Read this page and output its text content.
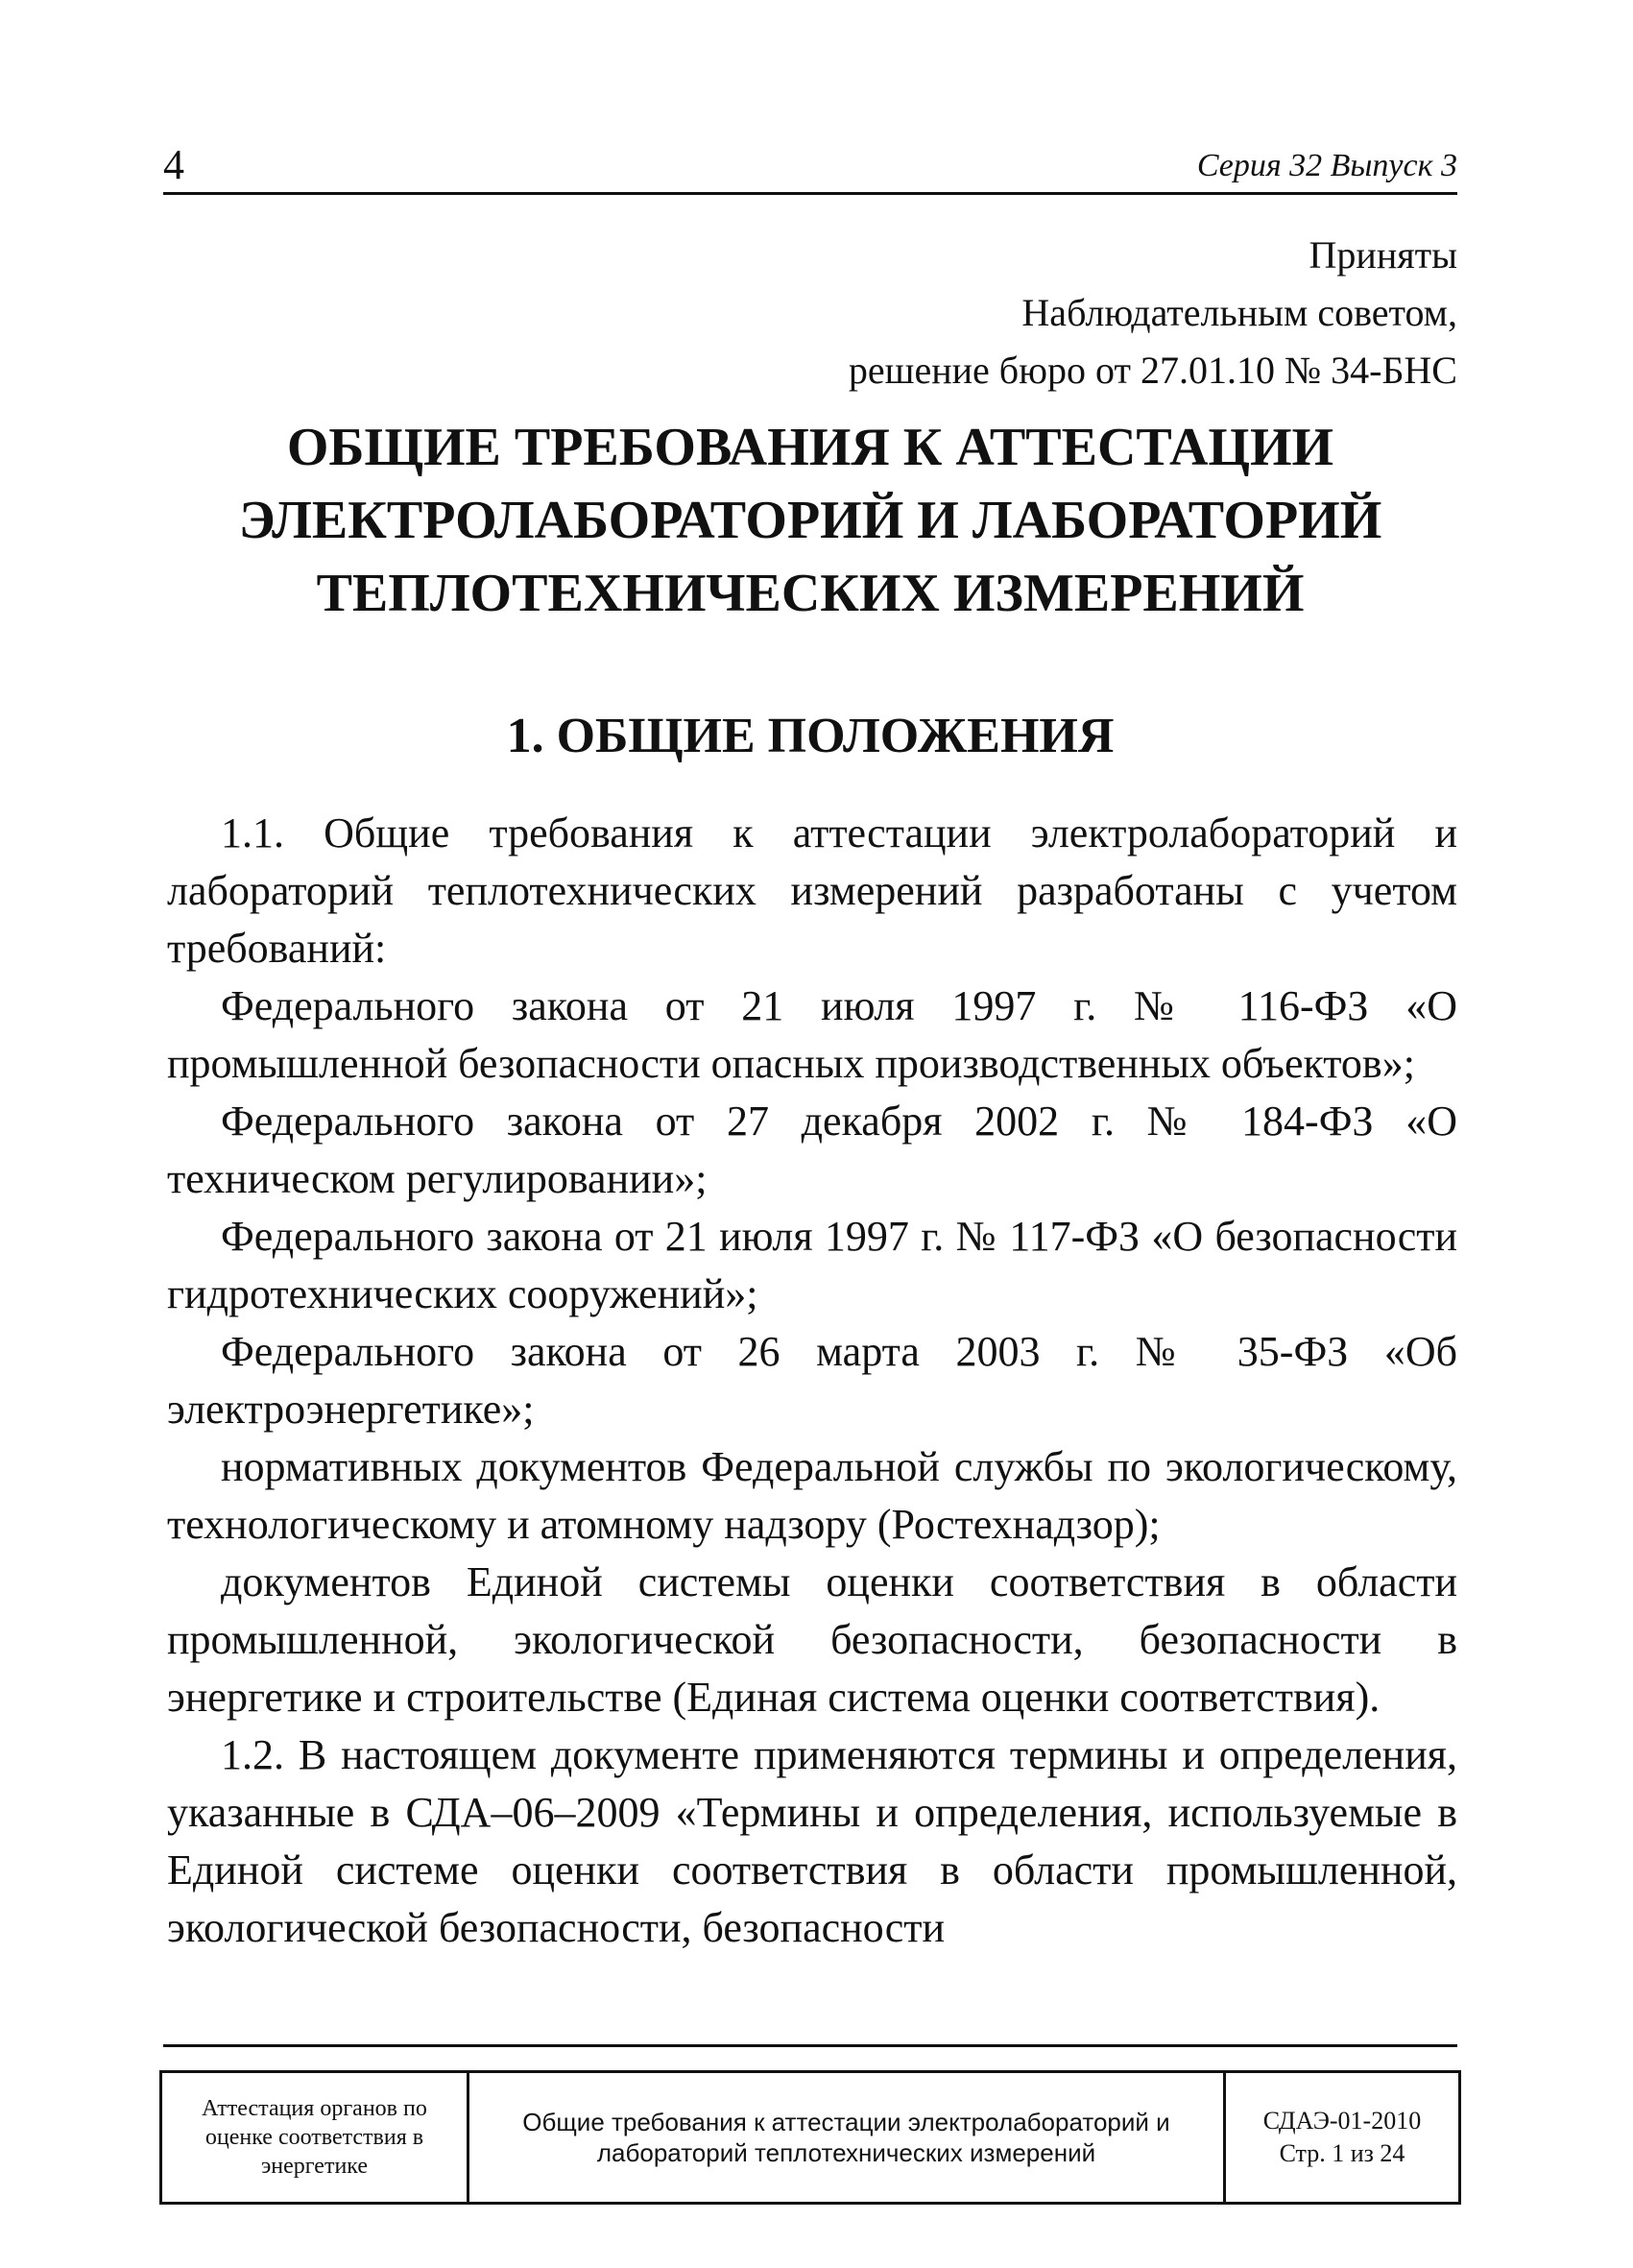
4	Серия 32 Выпуск 3
Приняты
Наблюдательным советом,
решение бюро от 27.01.10 № 34-БНС
ОБЩИЕ ТРЕБОВАНИЯ К АТТЕСТАЦИИ ЭЛЕКТРОЛАБОРАТОРИЙ И ЛАБОРАТОРИЙ ТЕПЛОТЕХНИЧЕСКИХ ИЗМЕРЕНИЙ
1. ОБЩИЕ ПОЛОЖЕНИЯ

1.1. Общие требования к аттестации электролабораторий и лабораторий теплотехнических измерений разработаны с учетом требований:

Федерального закона от 21 июля 1997 г. № 116-ФЗ «О промышленной безопасности опасных производственных объектов»;

Федерального закона от 27 декабря 2002 г. № 184-ФЗ «О техническом регулировании»;

Федерального закона от 21 июля 1997 г. № 117-ФЗ «О безопасности гидротехнических сооружений»;

Федерального закона от 26 марта 2003 г. № 35-ФЗ «Об электроэнергетике»;

нормативных документов Федеральной службы по экологическому, технологическому и атомному надзору (Ростехнадзор);

документов Единой системы оценки соответствия в области промышленной, экологической безопасности, безопасности в энергетике и строительстве (Единая система оценки соответствия).

1.2. В настоящем документе применяются термины и определения, указанные в СДА–06–2009 «Термины и определения, используемые в Единой системе оценки соответствия в области промышленной, экологической безопасности, безопасности

Аттестация органов по оценке соответствия в энергетике
Общие требования к аттестации электролабораторий и лабораторий теплотехнических измерений
СДАЭ-01-2010
Стр. 1 из 24
